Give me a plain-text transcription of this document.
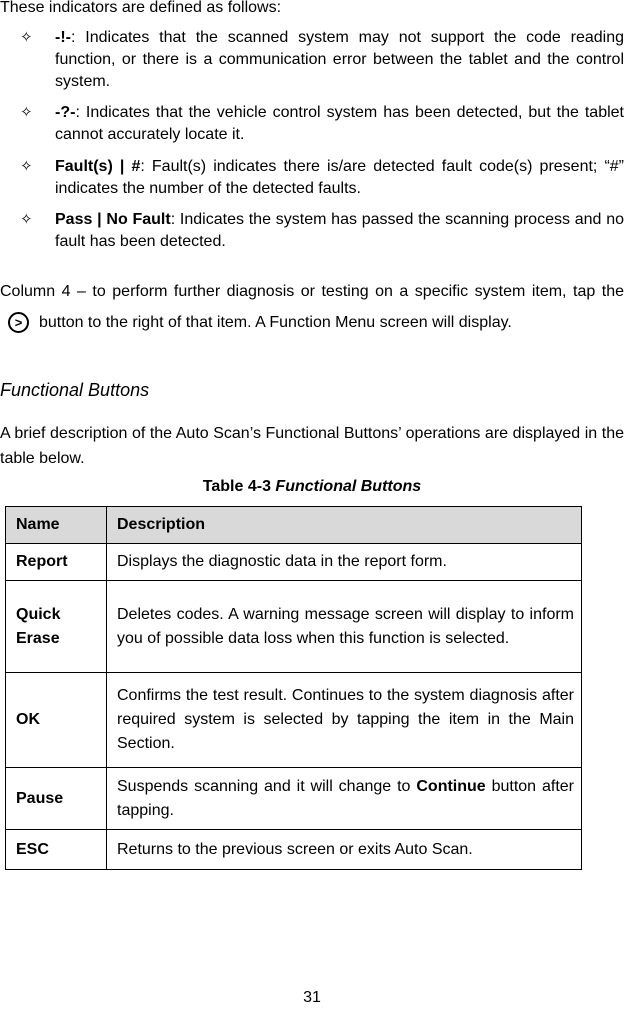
These indicators are defined as follows:
✧ -!-: Indicates that the scanned system may not support the code reading function, or there is a communication error between the tablet and the control system.
✧ -?-: Indicates that the vehicle control system has been detected, but the tablet cannot accurately locate it.
✧ Fault(s) | #: Fault(s) indicates there is/are detected fault code(s) present; “#” indicates the number of the detected faults.
✧ Pass | No Fault: Indicates the system has passed the scanning process and no fault has been detected.
Column 4 – to perform further diagnosis or testing on a specific system item, tap the> button to the right of that item. A Function Menu screen will display.
Functional Buttons
A brief description of the Auto Scan’s Functional Buttons’ operations are displayed in the table below.
Table 4-3 Functional Buttons
Name	Description
Report	Displays the diagnostic data in the report form.
Quick Erase	Deletes codes. A warning message screen will display to inform you of possible data loss when this function is selected.
OK	Confirms the test result. Continues to the system diagnosis after required system is selected by tapping the item in the Main Section.
Pause	Suspends scanning and it will change to Continue button after tapping.
ESC	Returns to the previous screen or exits Auto Scan.
31
